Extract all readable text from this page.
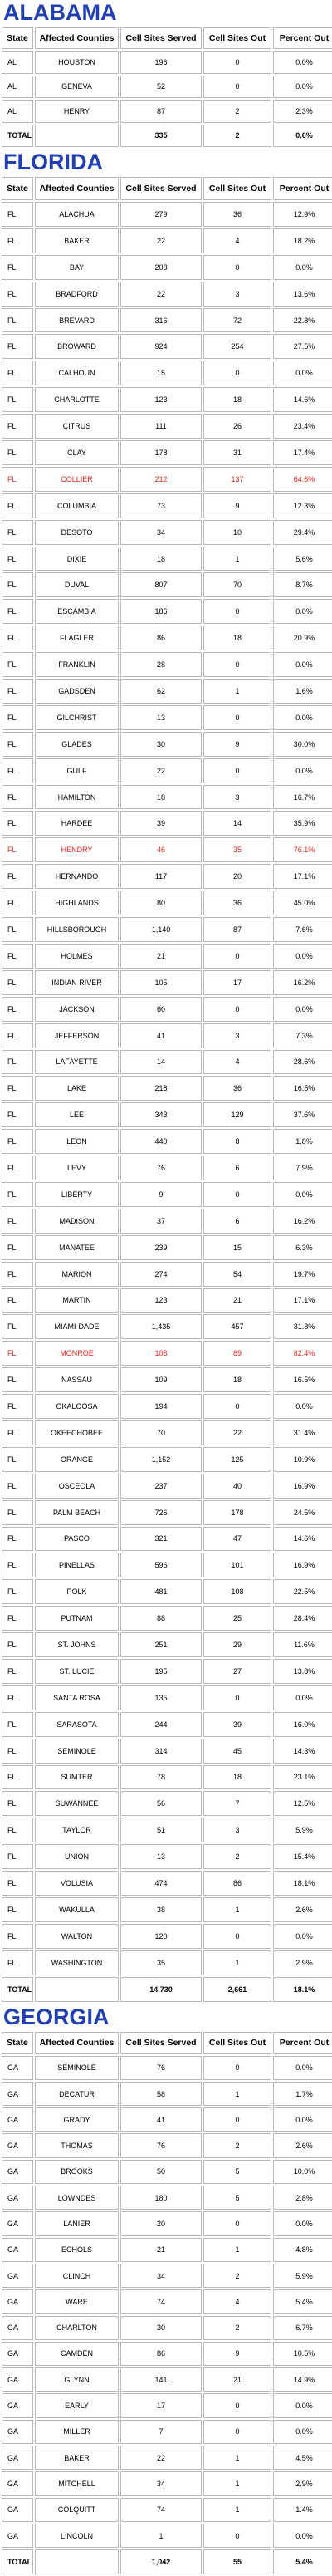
ALABAMA
State	Affected Counties	Cell Sites Served	Cell Sites Out	Percent Out
AL	HOUSTON	196	0	0.0%
AL	GENEVA	52	0	0.0%
AL	HENRY	87	2	2.3%
TOTAL		335	2	0.6%
FLORIDA
State	Affected Counties	Cell Sites Served	Cell Sites Out	Percent Out
FL	ALACHUA	279	36	12.9%
FL	BAKER	22	4	18.2%
FL	BAY	208	0	0.0%
FL	BRADFORD	22	3	13.6%
FL	BREVARD	316	72	22.8%
FL	BROWARD	924	254	27.5%
FL	CALHOUN	15	0	0.0%
FL	CHARLOTTE	123	18	14.6%
FL	CITRUS	111	26	23.4%
FL	CLAY	178	31	17.4%
FL	COLLIER	212	137	64.6%
FL	COLUMBIA	73	9	12.3%
FL	DESOTO	34	10	29.4%
FL	DIXIE	18	1	5.6%
FL	DUVAL	807	70	8.7%
FL	ESCAMBIA	186	0	0.0%
FL	FLAGLER	86	18	20.9%
FL	FRANKLIN	28	0	0.0%
FL	GADSDEN	62	1	1.6%
FL	GILCHRIST	13	0	0.0%
FL	GLADES	30	9	30.0%
FL	GULF	22	0	0.0%
FL	HAMILTON	18	3	16.7%
FL	HARDEE	39	14	35.9%
FL	HENDRY	46	35	76.1%
FL	HERNANDO	117	20	17.1%
FL	HIGHLANDS	80	36	45.0%
FL	HILLSBOROUGH	1,140	87	7.6%
FL	HOLMES	21	0	0.0%
FL	INDIAN RIVER	105	17	16.2%
FL	JACKSON	60	0	0.0%
FL	JEFFERSON	41	3	7.3%
FL	LAFAYETTE	14	4	28.6%
FL	LAKE	218	36	16.5%
FL	LEE	343	129	37.6%
FL	LEON	440	8	1.8%
FL	LEVY	76	6	7.9%
FL	LIBERTY	9	0	0.0%
FL	MADISON	37	6	16.2%
FL	MANATEE	239	15	6.3%
FL	MARION	274	54	19.7%
FL	MARTIN	123	21	17.1%
FL	MIAMI-DADE	1,435	457	31.8%
FL	MONROE	108	89	82.4%
FL	NASSAU	109	18	16.5%
FL	OKALOOSA	194	0	0.0%
FL	OKEECHOBEE	70	22	31.4%
FL	ORANGE	1,152	125	10.9%
FL	OSCEOLA	237	40	16.9%
FL	PALM BEACH	726	178	24.5%
FL	PASCO	321	47	14.6%
FL	PINELLAS	596	101	16.9%
FL	POLK	481	108	22.5%
FL	PUTNAM	88	25	28.4%
FL	ST. JOHNS	251	29	11.6%
FL	ST. LUCIE	195	27	13.8%
FL	SANTA ROSA	135	0	0.0%
FL	SARASOTA	244	39	16.0%
FL	SEMINOLE	314	45	14.3%
FL	SUMTER	78	18	23.1%
FL	SUWANNEE	56	7	12.5%
FL	TAYLOR	51	3	5.9%
FL	UNION	13	2	15.4%
FL	VOLUSIA	474	86	18.1%
FL	WAKULLA	38	1	2.6%
FL	WALTON	120	0	0.0%
FL	WASHINGTON	35	1	2.9%
TOTAL		14,730	2,661	18.1%
GEORGIA
State	Affected Counties	Cell Sites Served	Cell Sites Out	Percent Out
GA	SEMINOLE	76	0	0.0%
GA	DECATUR	58	1	1.7%
GA	GRADY	41	0	0.0%
GA	THOMAS	76	2	2.6%
GA	BROOKS	50	5	10.0%
GA	LOWNDES	180	5	2.8%
GA	LANIER	20	0	0.0%
GA	ECHOLS	21	1	4.8%
GA	CLINCH	34	2	5.9%
GA	WARE	74	4	5.4%
GA	CHARLTON	30	2	6.7%
GA	CAMDEN	86	9	10.5%
GA	GLYNN	141	21	14.9%
GA	EARLY	17	0	0.0%
GA	MILLER	7	0	0.0%
GA	BAKER	22	1	4.5%
GA	MITCHELL	34	1	2.9%
GA	COLQUITT	74	1	1.4%
GA	LINCOLN	1	0	0.0%
TOTAL		1,042	55	5.4%
